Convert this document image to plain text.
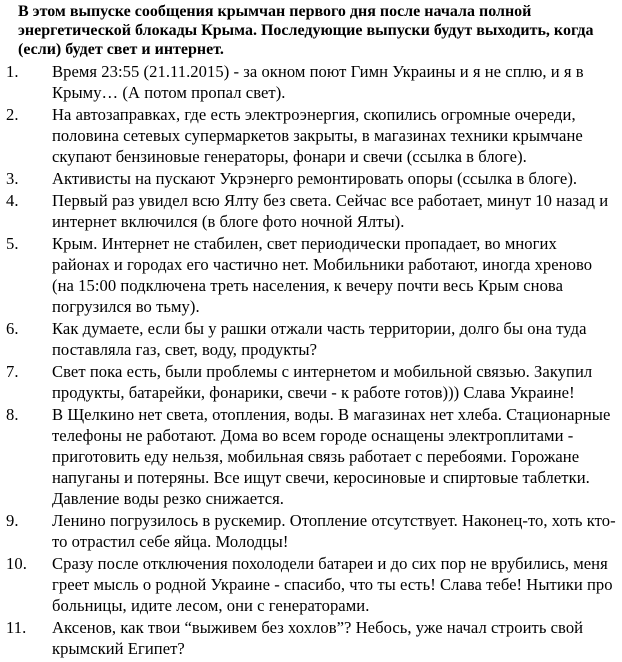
В этом выпуске сообщения крымчан первого дня после начала полной энергетической блокады Крыма. Последующие выпуски будут выходить, когда (если) будет свет и интернет.

1.	Время 23:55 (21.11.2015) - за окном поют Гимн Украины и я не сплю, и я в Крыму… (А потом пропал свет).
2.	На автозаправках, где есть электроэнергия, скопились огромные очереди, половина сетевых супермаркетов закрыты, в магазинах техники крымчане скупают бензиновые генераторы, фонари и свечи (ссылка в блоге).
3.	Активисты на пускают Укрэнерго ремонтировать опоры (ссылка в блоге).
4.	Первый раз увидел всю Ялту без света. Сейчас все работает, минут 10 назад и интернет включился (в блоге фото ночной Ялты).
5.	Крым. Интернет не стабилен, свет периодически пропадает, во многих районах и городах его частично нет. Мобильники работают, иногда хреново (на 15:00 подключена треть населения, к вечеру почти весь Крым снова погрузился во тьму).
6.	Как думаете, если бы у рашки отжали часть территории, долго бы она туда поставляла газ, свет, воду, продукты?
7.	Свет пока есть, были проблемы с интернетом и мобильной связью. Закупил продукты, батарейки, фонарики, свечи - к работе готов))) Слава Украине!
8.	В Щелкино нет света, отопления, воды. В магазинах нет хлеба. Стационарные телефоны не работают. Дома во всем городе оснащены электроплитами - приготовить еду нельзя, мобильная связь работает с перебоями. Горожане напуганы и потеряны. Все ищут свечи, керосиновые и спиртовые таблетки. Давление воды резко снижается.
9.	Ленино погрузилось в рускемир. Отопление отсутствует. Наконец-то, хоть кто-то отрастил себе яйца. Молодцы!
10.	Сразу после отключения похолодели батареи и до сих пор не врубились, меня греет мысль о родной Украине - спасибо, что ты есть! Слава тебе! Нытики про больницы, идите лесом, они с генераторами.
11.	Аксенов, как твои “выживем без хохлов”? Небось, уже начал строить свой крымский Египет?
